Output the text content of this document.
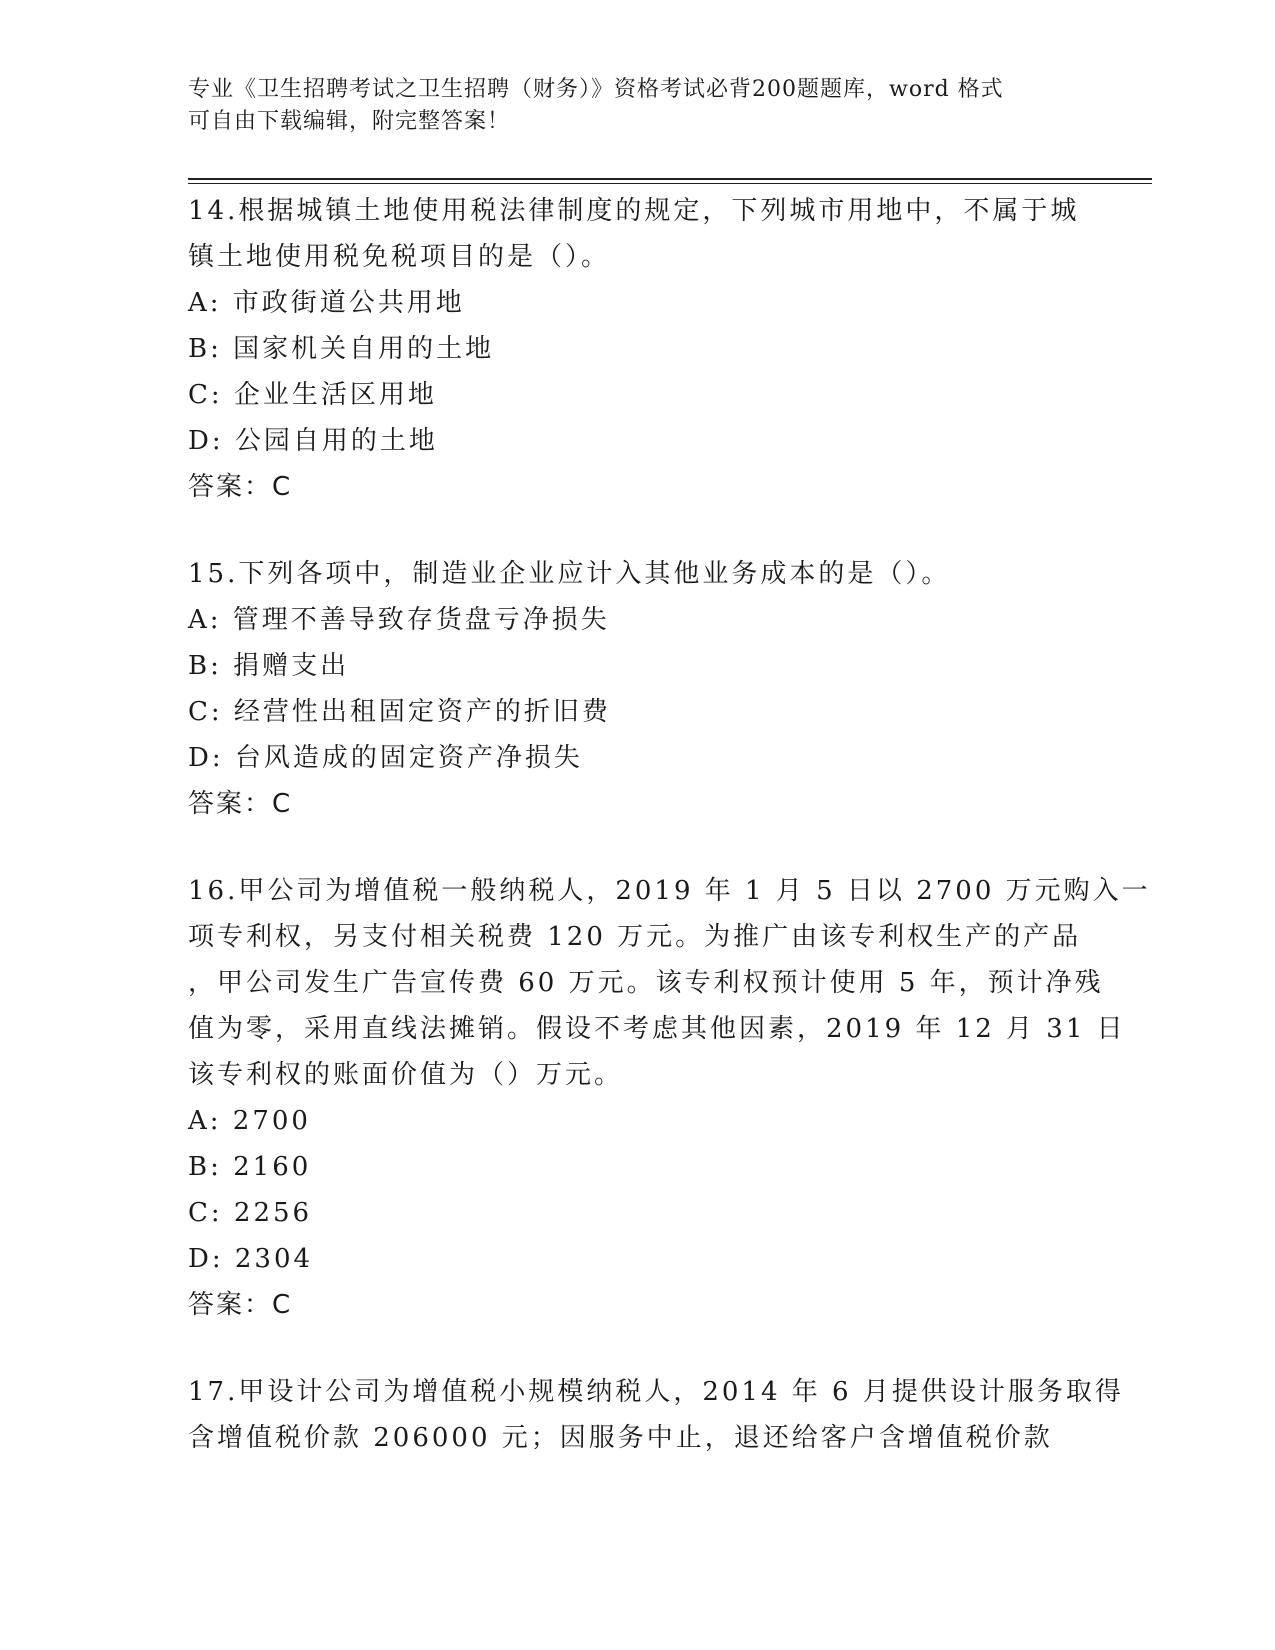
专业《卫生招聘考试之卫生招聘（财务）》资格考试必背200题题库，word 格式
可自由下载编辑，附完整答案！
14.根据城镇土地使用税法律制度的规定，下列城市用地中，不属于城
镇土地使用税免税项目的是（）。
A: 市政街道公共用地
B: 国家机关自用的土地
C: 企业生活区用地
D: 公园自用的土地
答案：C
15.下列各项中，制造业企业应计入其他业务成本的是（）。
A: 管理不善导致存货盘亏净损失
B: 捐赠支出
C: 经营性出租固定资产的折旧费
D: 台风造成的固定资产净损失
答案：C
16.甲公司为增值税一般纳税人，2019 年 1 月 5 日以 2700 万元购入一
项专利权，另支付相关税费 120 万元。为推广由该专利权生产的产品
，甲公司发生广告宣传费 60 万元。该专利权预计使用 5 年，预计净残
值为零，采用直线法摊销。假设不考虑其他因素，2019 年 12 月 31 日
该专利权的账面价值为（）万元。
A: 2700
B: 2160
C: 2256
D: 2304
答案：C
17.甲设计公司为增值税小规模纳税人，2014 年 6 月提供设计服务取得
含增值税价款 206000 元；因服务中止，退还给客户含增值税价款
